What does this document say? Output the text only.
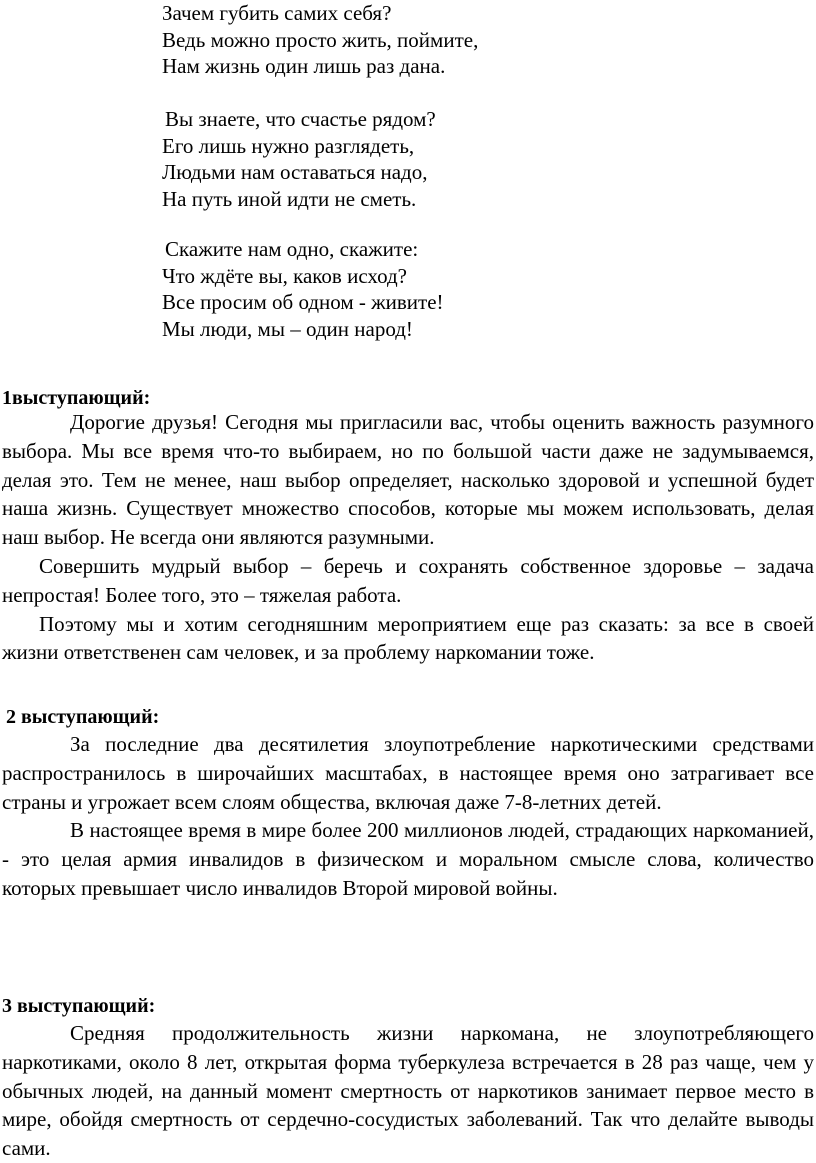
Зачем губить самих себя?
Ведь можно просто жить, поймите,
Нам жизнь один лишь раз дана.
Вы знаете, что счастье рядом?
Его лишь нужно разглядеть,
Людьми нам оставаться надо,
На путь иной идти не сметь.
Скажите нам одно, скажите:
Что ждёте вы, каков исход?
Все просим об одном - живите!
Мы люди, мы – один народ!
1выступающий:

Дорогие друзья! Сегодня мы пригласили вас, чтобы оценить важность разумного выбора. Мы все время что-то выбираем, но по большой части даже не задумываемся, делая это. Тем не менее, наш выбор определяет, насколько здоровой и успешной будет наша жизнь. Существует множество способов, которые мы можем использовать, делая наш выбор. Не всегда они являются разумными.

Совершить мудрый выбор – беречь и сохранять собственное здоровье – задача непростая! Более того, это – тяжелая работа.

Поэтому мы и хотим сегодняшним мероприятием еще раз сказать: за все в своей жизни ответственен сам человек, и за проблему наркомании тоже.

2 выступающий:

За последние два десятилетия злоупотребление наркотическими средствами распространилось в широчайших масштабах, в настоящее время оно затрагивает все страны и угрожает всем слоям общества, включая даже 7-8-летних детей.

В настоящее время в мире более 200 миллионов людей, страдающих наркоманией, - это целая армия инвалидов в физическом и моральном смысле слова, количество которых превышает число инвалидов Второй мировой войны.

3 выступающий:

Средняя продолжительность жизни наркомана, не злоупотребляющего наркотиками, около 8 лет, открытая форма туберкулеза встречается в 28 раз чаще, чем у обычных людей, на данный момент смертность от наркотиков занимает первое место в мире, обойдя смертность от сердечно-сосудистых заболеваний. Так что делайте выводы сами.
